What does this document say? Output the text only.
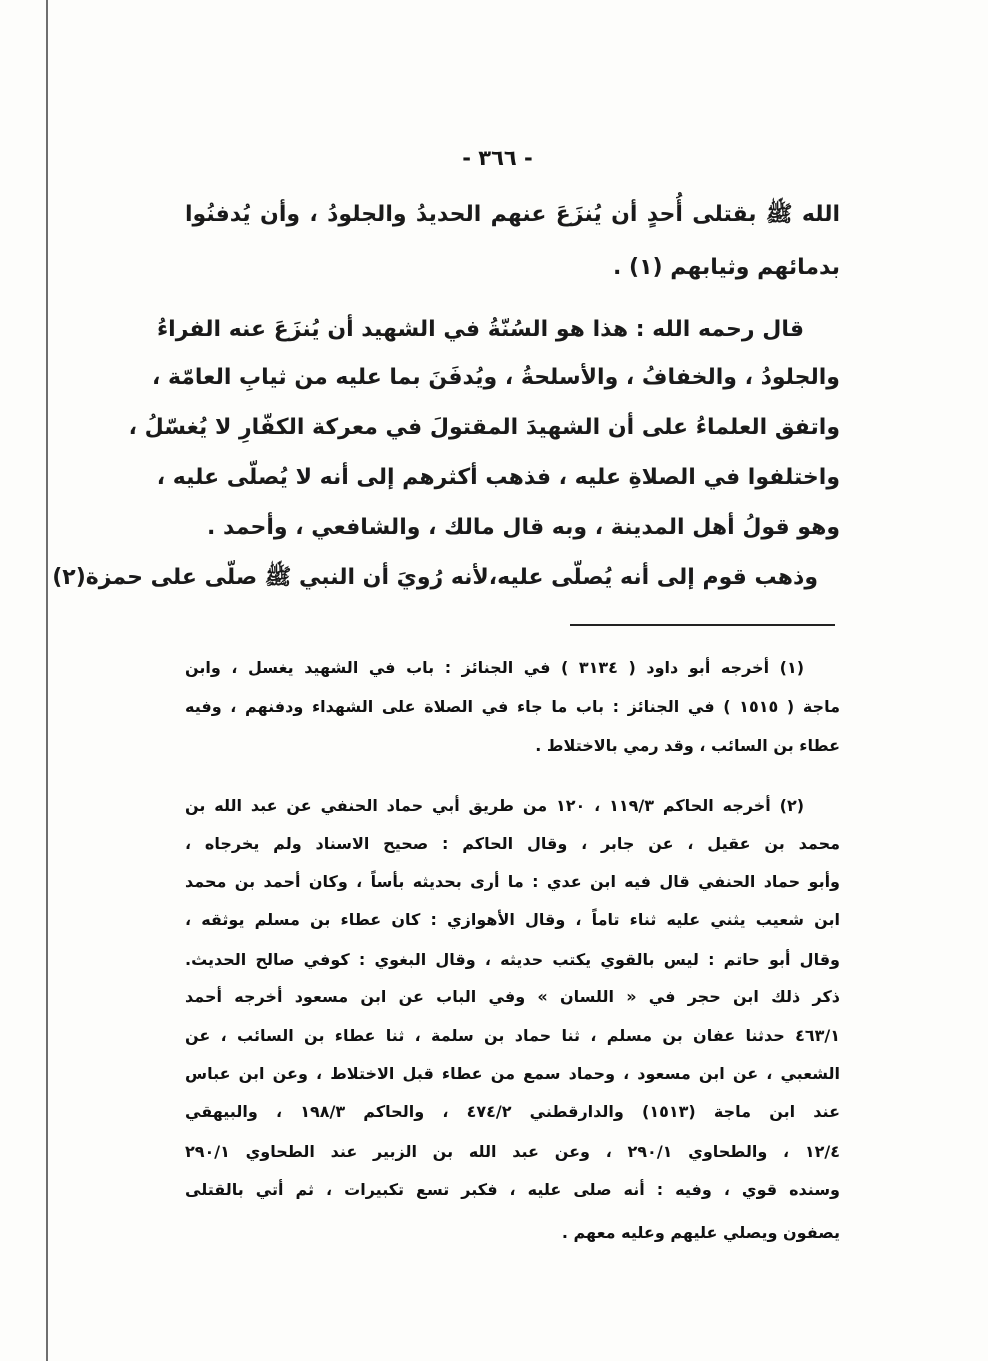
- ٣٦٦ -
الله ﷺ بقتلى أُحدٍ أن يُنزَعَ عنهم الحديدُ والجلودُ ، وأن يُدفنُوا
بدمائهم وثيابهم (١) .
قال رحمه الله : هذا هو السُنّةُ في الشهيد أن يُنزَعَ عنه الفراءُ
والجلودُ ، والخفافُ ، والأسلحةُ ، ويُدفَنَ بما عليه من ثيابِ العامّة ،
واتفق العلماءُ على أن الشهيدَ المقتولَ في معركة الكفّارِ لا يُغسّلُ ،
واختلفوا في الصلاةِ عليه ، فذهب أكثرهم إلى أنه لا يُصلّى عليه ،
وهو قولُ أهل المدينة ، وبه قال مالك ، والشافعي ، وأحمد .
وذهب قوم إلى أنه يُصلّى عليه،لأنه رُويَ أن النبي ﷺ صلّى على حمزة(٢)
(١) أخرجه أبو داود ( ٣١٣٤ ) في الجنائز : باب في الشهيد يغسل ، وابن
ماجة ( ١٥١٥ ) في الجنائز : باب ما جاء في الصلاة على الشهداء ودفنهم ، وفيه
عطاء بن السائب ، وقد رمي بالاختلاط .
(٢) أخرجه الحاكم ١١٩/٣ ، ١٢٠ من طريق أبي حماد الحنفي عن عبد الله بن
محمد بن عقيل ، عن جابر ، وقال الحاكم : صحيح الاسناد ولم يخرجاه ،
وأبو حماد الحنفي قال فيه ابن عدي : ما أرى بحديثه بأساً ، وكان أحمد بن محمد
ابن شعيب يثني عليه ثناء تاماً ، وقال الأهوازي : كان عطاء بن مسلم يوثقه ،
وقال أبو حاتم : ليس بالقوي يكتب حديثه ، وقال البغوي : كوفي صالح الحديث.
ذكر ذلك ابن حجر في « اللسان » وفي الباب عن ابن مسعود أخرجه أحمد
٤٦٣/١ حدثنا عفان بن مسلم ، ثنا حماد بن سلمة ، ثنا عطاء بن السائب ، عن
الشعبي ، عن ابن مسعود ، وحماد سمع من عطاء قبل الاختلاط ، وعن ابن عباس
عند ابن ماجة (١٥١٣) والدارقطني ٤٧٤/٢ ، والحاكم ١٩٨/٣ ، والبيهقي
١٢/٤ ، والطحاوي ٢٩٠/١ ، وعن عبد الله بن الزبير عند الطحاوي ٢٩٠/١
وسنده قوي ، وفيه : أنه صلى عليه ، فكبر تسع تكبيرات ، ثم أتي بالقتلى
يصفون ويصلي عليهم وعليه معهم .
